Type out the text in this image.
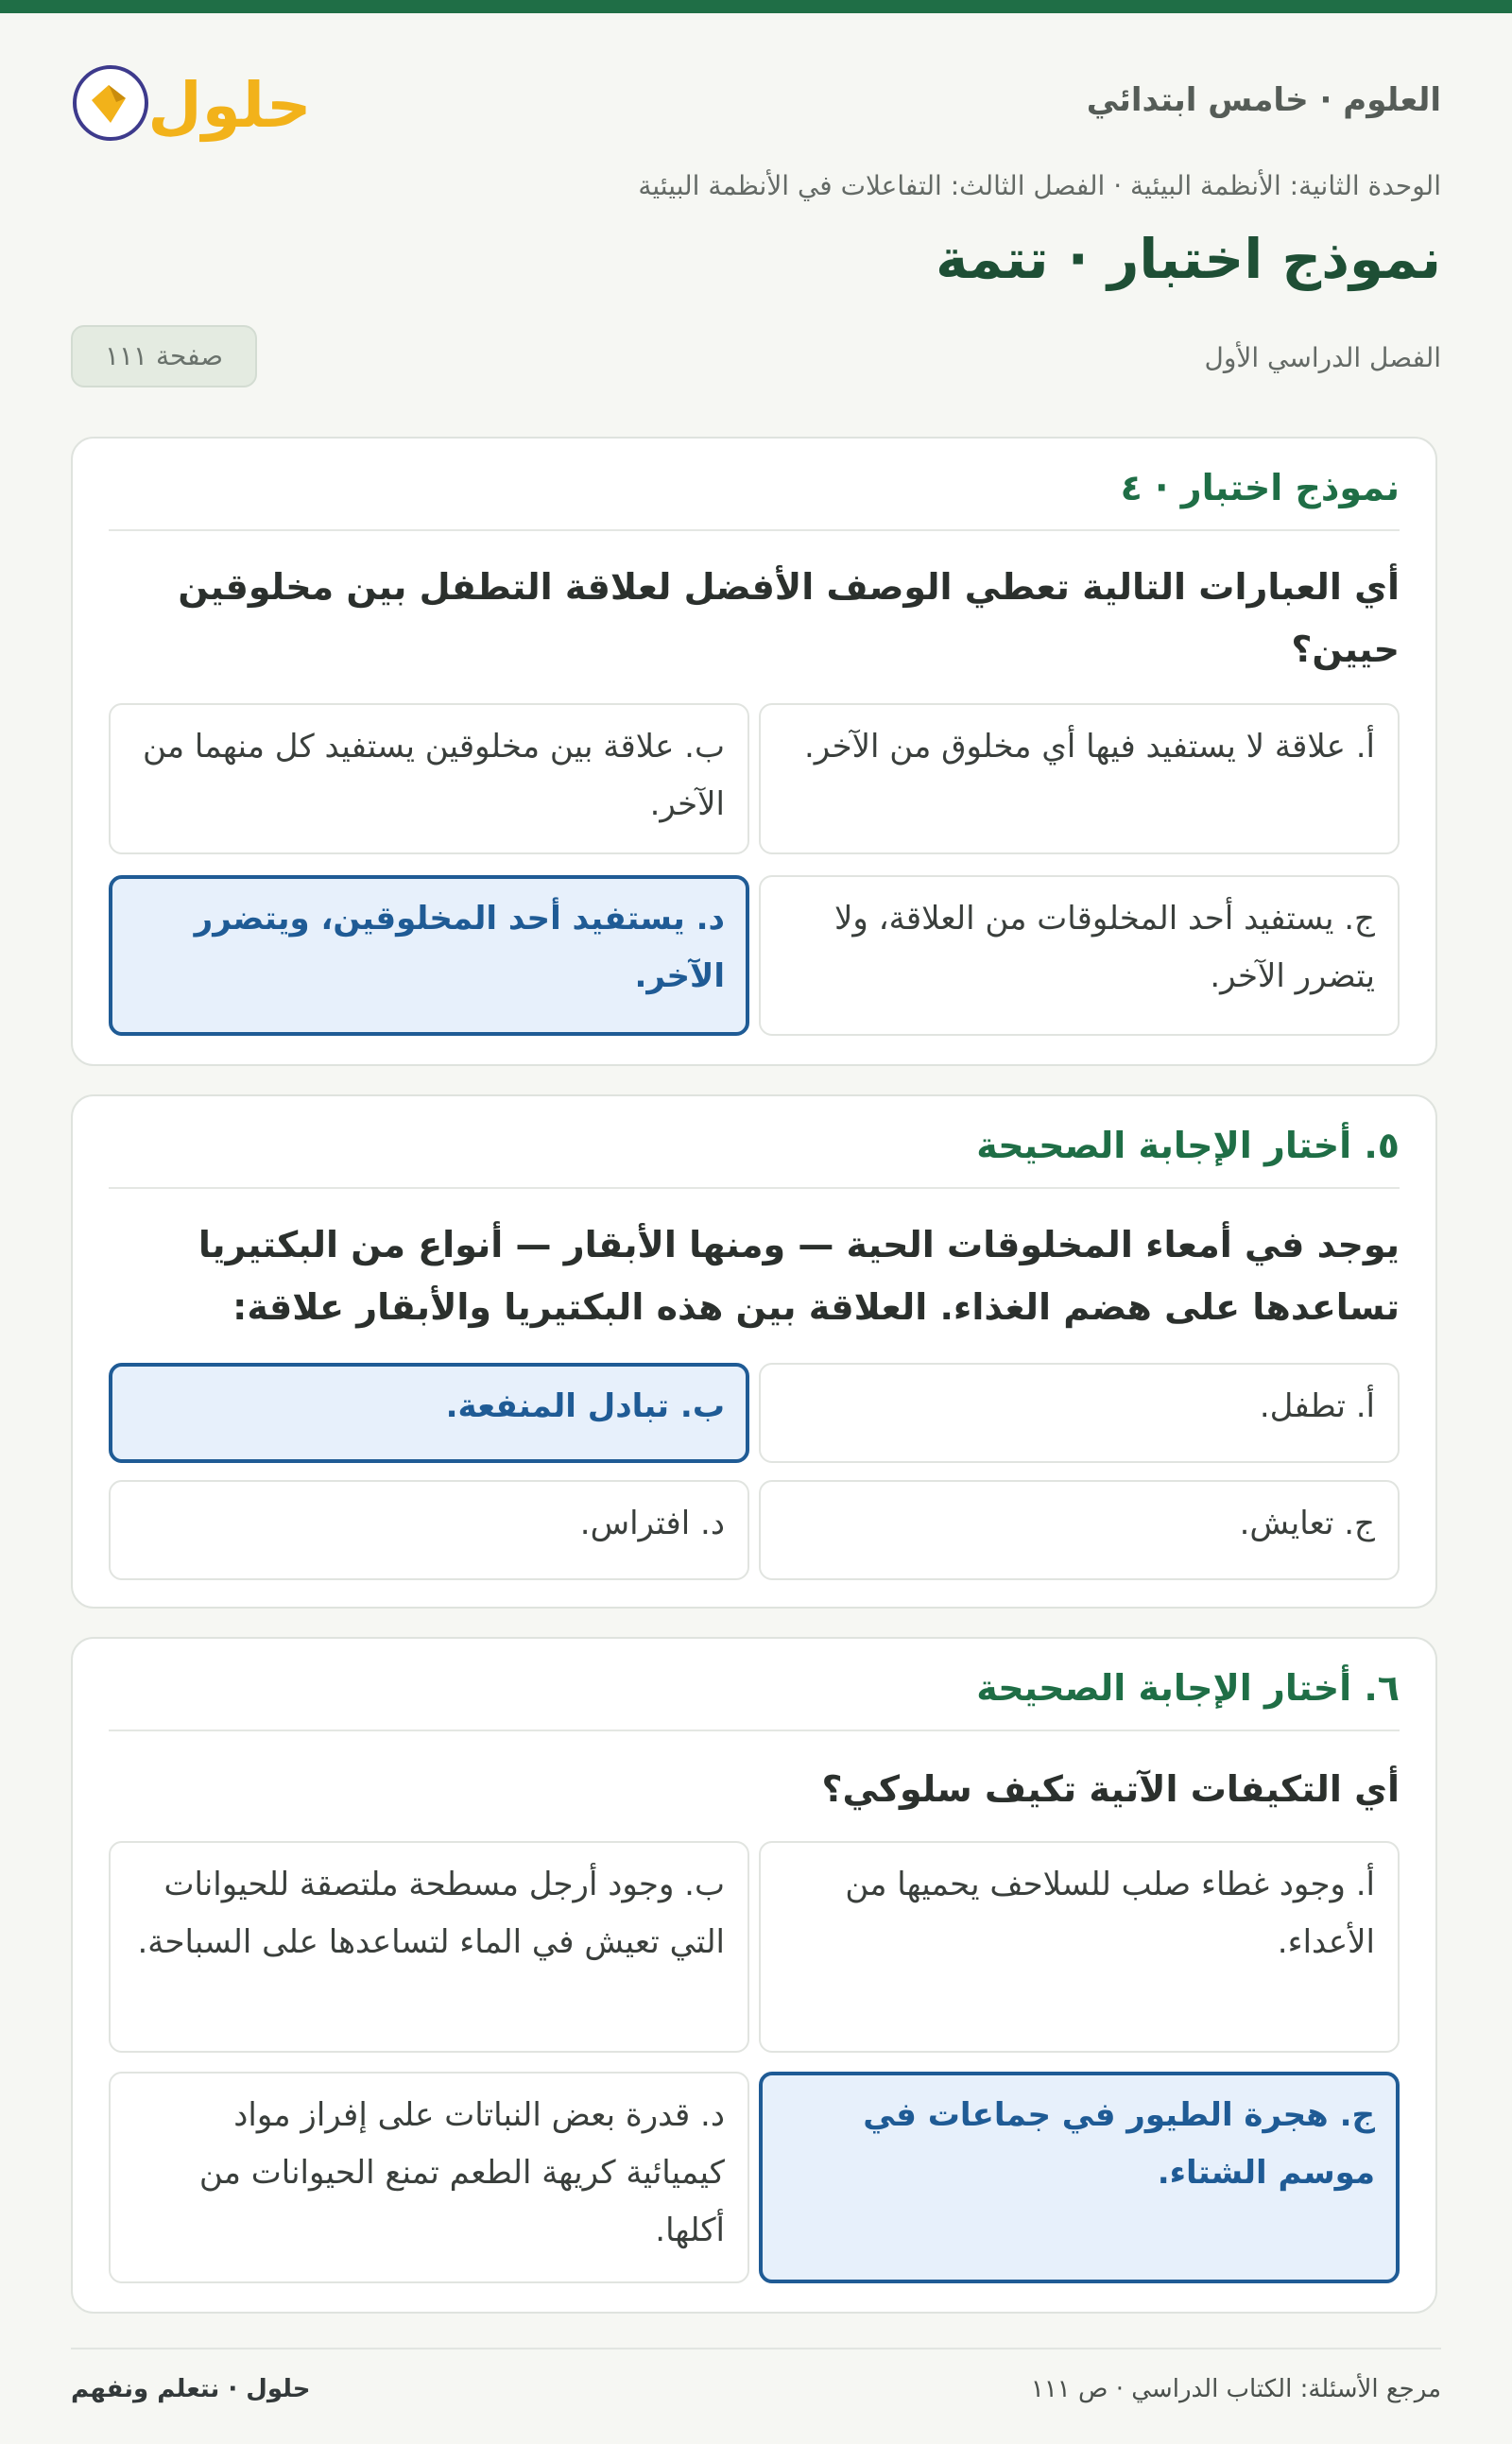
العلوم · خامس ابتدائي
حلول
الوحدة الثانية: الأنظمة البيئية · الفصل الثالث: التفاعلات في الأنظمة البيئية
نموذج اختبار · تتمة
الفصل الدراسي الأول
صفحة ١١١
نموذج اختبار · ٤

أي العبارات التالية تعطي الوصف الأفضل لعلاقة التطفل بين مخلوقين حيين؟

أ. علاقة لا يستفيد فيها أي مخلوق من الآخر.
ب. علاقة بين مخلوقين يستفيد كل منهما من الآخر.
ج. يستفيد أحد المخلوقات من العلاقة، ولا يتضرر الآخر.
د. يستفيد أحد المخلوقين، ويتضرر الآخر.
٥. أختار الإجابة الصحيحة

يوجد في أمعاء المخلوقات الحية — ومنها الأبقار — أنواع من البكتيريا تساعدها على هضم الغذاء. العلاقة بين هذه البكتيريا والأبقار علاقة:

أ. تطفل.
ب. تبادل المنفعة.
ج. تعايش.
د. افتراس.
٦. أختار الإجابة الصحيحة

أي التكيفات الآتية تكيف سلوكي؟

أ. وجود غطاء صلب للسلاحف يحميها من الأعداء.
ب. وجود أرجل مسطحة ملتصقة للحيوانات التي تعيش في الماء لتساعدها على السباحة.
ج. هجرة الطيور في جماعات في موسم الشتاء.
د. قدرة بعض النباتات على إفراز مواد كيميائية كريهة الطعم تمنع الحيوانات من أكلها.
مرجع الأسئلة: الكتاب الدراسي · ص ١١١
حلول · نتعلم ونفهم
